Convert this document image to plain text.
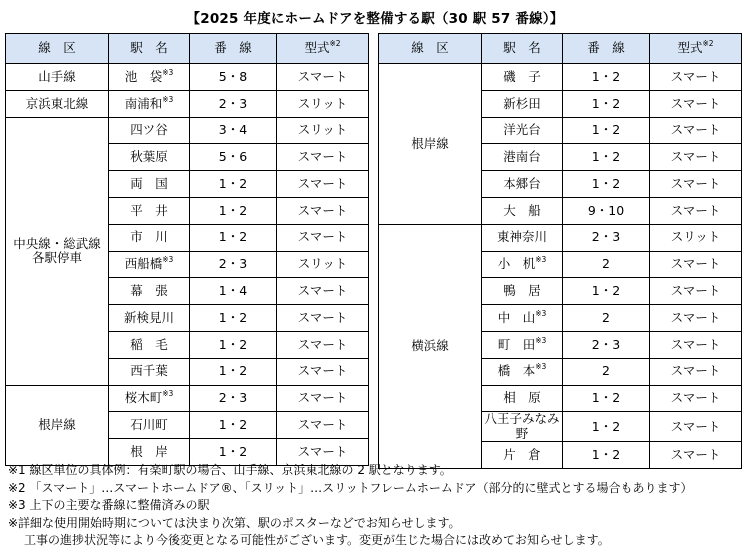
【2025 年度にホームドアを整備する駅（30 駅 57 番線）】
線　区	駅　名	番　線	型式$^{※2}$

山手線	池　袋$^{※3}$	5・8	スマート

京浜東北線	南浦和$^{※3}$	2・3	スリット

中央線・総武線
各駅停車	四ツ谷	3・4	スリット
	秋葉原	5・6	スマート
	両　国	1・2	スマート
	平　井	1・2	スマート
	市　川	1・2	スマート
	西船橋$^{※3}$	2・3	スリット
	幕　張	1・4	スマート
	新検見川	1・2	スマート
	稲　毛	1・2	スマート
	西千葉	1・2	スマート

根岸線	桜木町$^{※3}$	2・3	スマート
	石川町	1・2	スマート
	根　岸	1・2	スマート
線　区	駅　名	番　線	型式$^{※2}$

根岸線	磯　子	1・2	スマート
	新杉田	1・2	スマート
	洋光台	1・2	スマート
	港南台	1・2	スマート
	本郷台	1・2	スマート
	大　船	9・10	スマート

横浜線	東神奈川	2・3	スリット
	小　机$^{※3}$	2	スマート
	鴨　居	1・2	スマート
	中　山$^{※3}$	2	スマート
	町　田$^{※3}$	2・3	スマート
	橋　本$^{※3}$	2	スマート
	相　原	1・2	スマート
	八王子みなみ野	1・2	スマート
	片　倉	1・2	スマート
※1 線区単位の具体例：有楽町駅の場合、山手線、京浜東北線の 2 駅となります。
※2 「スマート」…スマートホームドア®、「スリット」…スリットフレームホームドア（部分的に壁式とする場合もあります）
※3 上下の主要な番線に整備済みの駅
※詳細な使用開始時期については決まり次第、駅のポスターなどでお知らせします。
工事の進捗状況等により今後変更となる可能性がございます。変更が生じた場合には改めてお知らせします。
